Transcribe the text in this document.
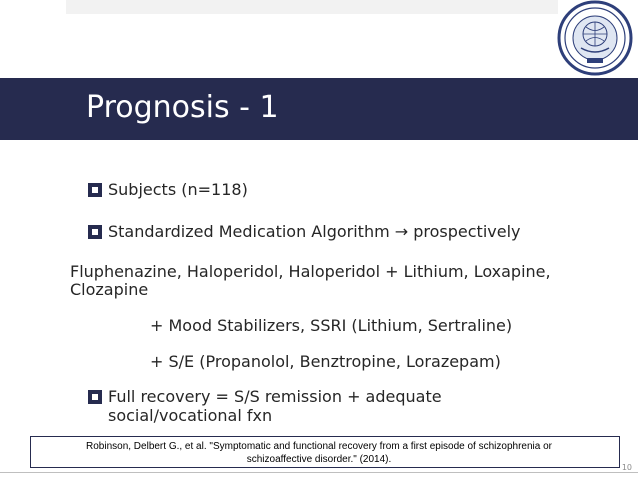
Prognosis - 1
Subjects (n=118)
Standardized Medication Algorithm → prospectively
Fluphenazine, Haloperidol, Haloperidol + Lithium, Loxapine,
Clozapine
+ Mood Stabilizers, SSRI (Lithium, Sertraline)
+ S/E (Propanolol, Benztropine, Lorazepam)
Full recovery = S/S remission + adequate
social/vocational fxn
Robinson, Delbert G., et al. "Symptomatic and functional recovery from a first episode of schizophrenia or
schizoaffective disorder." (2014).
10
